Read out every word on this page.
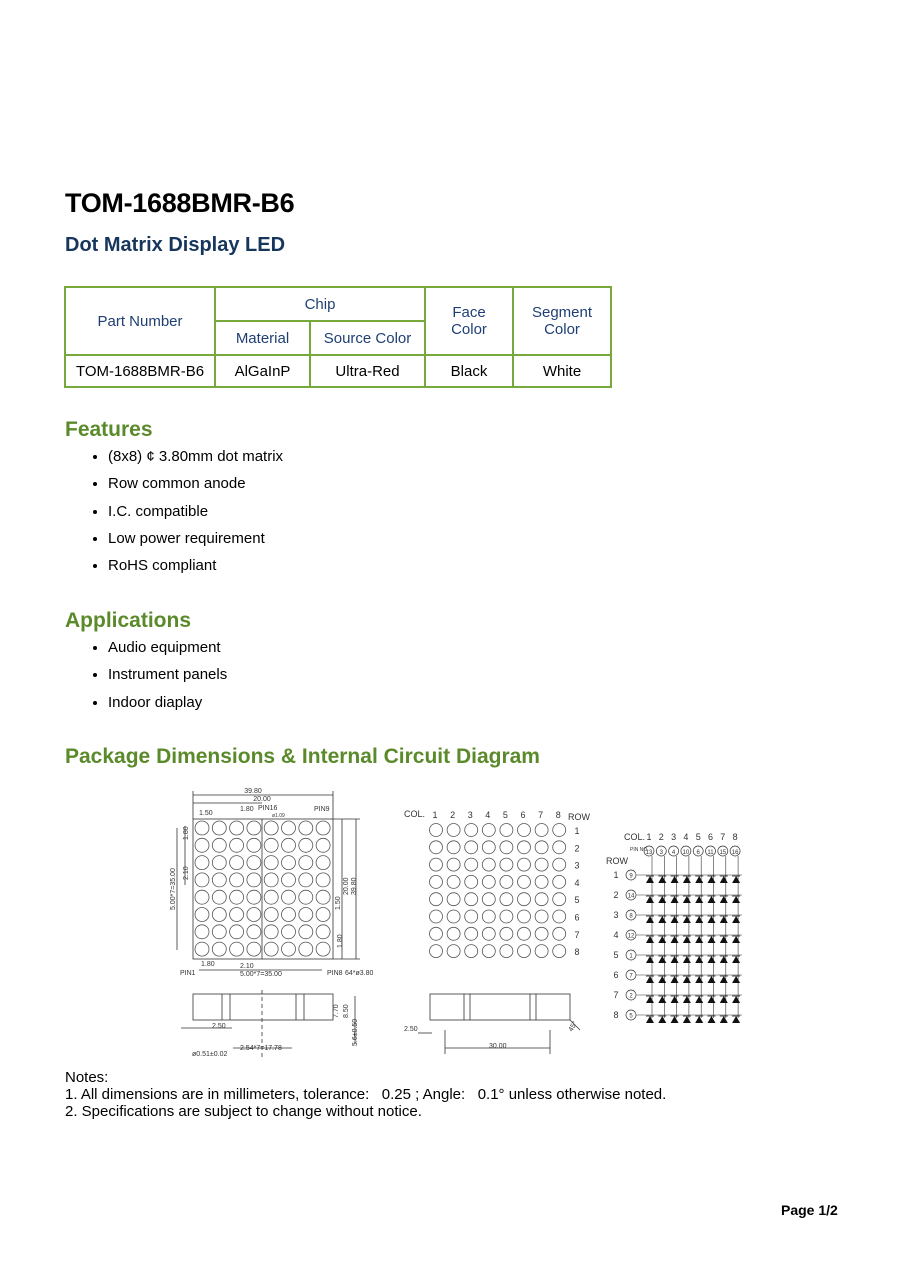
TOM-1688BMR-B6
Dot Matrix Display LED
Part Number	Chip		Face Color	Segment Color

	Material	Source Color		
TOM-1688BMR-B6	AlGaInP	Ultra-Red	Black	White
Features
• (8x8) ¢ 3.80mm dot matrix
• Row common anode
• I.C. compatible
• Low power requirement
• RoHS compliant
Applications
• Audio equipment
• Instrument panels
• Indoor diaplay
Package Dimensions & Internal Circuit Diagram
39.80
20.00
1.50
1.80 PIN16
ø1.09
PIN9
1.80
2.10
5.00*7=35.00	20.00 39.80
1.50
1.80
1.80	2.10
5.00*7=35.00
PIN1	PIN8 64*ø3.80
2.50
7.70 8.50
5.6±0.50
ø0.51±0.02
2.54*7=17.78
2.50
30.00
45°
COL.	ROW
COL.
ROW
PIN NO.
1 2 3 4 5 6 7 8
1
2
3
4
5
6
7
8
1
13
2
3
3
4
4
10
5
6
6
11
7
15
8
16
1 9
2 14
3 8
4 12
5 1
6 7
7 2
8 5
Notes:
1. All dimensions are in millimeters, tolerance:   0.25 ; Angle:   0.1° unless otherwise noted.
2. Specifications are subject to change without notice.
Page 1/2
